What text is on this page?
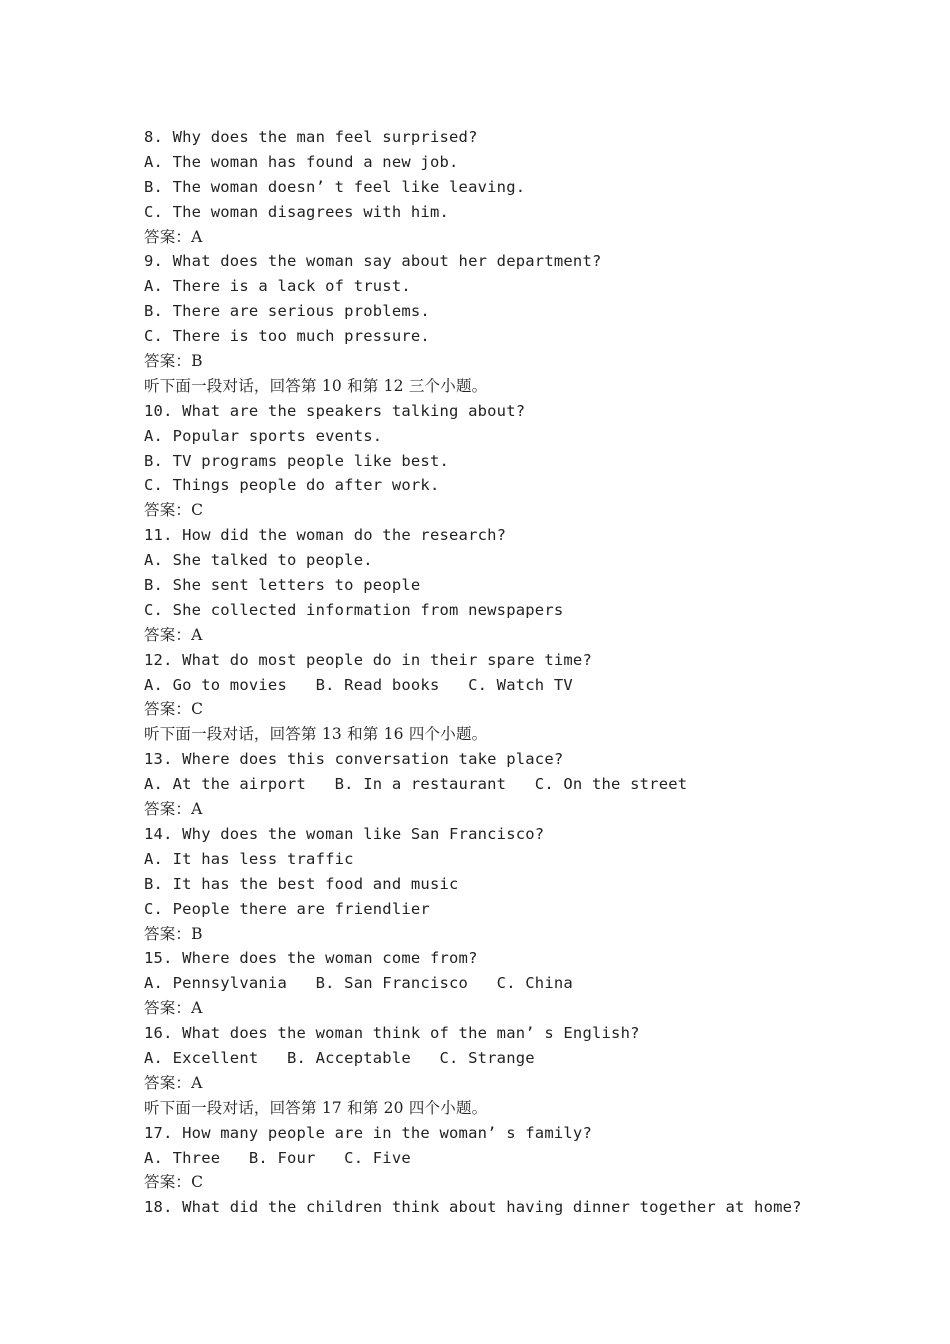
8. Why does the man feel surprised?
A. The woman has found a new job.
B. The woman doesn’ t feel like leaving.
C. The woman disagrees with him.
答案：A
9. What does the woman say about her department?
A. There is a lack of trust.
B. There are serious problems.
C. There is too much pressure.
答案：B
听下面一段对话，回答第 10 和第 12 三个小题。
10. What are the speakers talking about?
A. Popular sports events.
B. TV programs people like best.
C. Things people do after work.
答案：C
11. How did the woman do the research?
A. She talked to people.
B. She sent letters to people
C. She collected information from newspapers
答案：A
12. What do most people do in their spare time?
A. Go to movies   B. Read books   C. Watch TV
答案：C
听下面一段对话，回答第 13 和第 16 四个小题。
13. Where does this conversation take place?
A. At the airport   B. In a restaurant   C. On the street
答案：A
14. Why does the woman like San Francisco?
A. It has less traffic
B. It has the best food and music
C. People there are friendlier
答案：B
15. Where does the woman come from?
A. Pennsylvania   B. San Francisco   C. China
答案：A
16. What does the woman think of the man’ s English?
A. Excellent   B. Acceptable   C. Strange
答案：A
听下面一段对话，回答第 17 和第 20 四个小题。
17. How many people are in the woman’ s family?
A. Three   B. Four   C. Five
答案：C
18. What did the children think about having dinner together at home?
